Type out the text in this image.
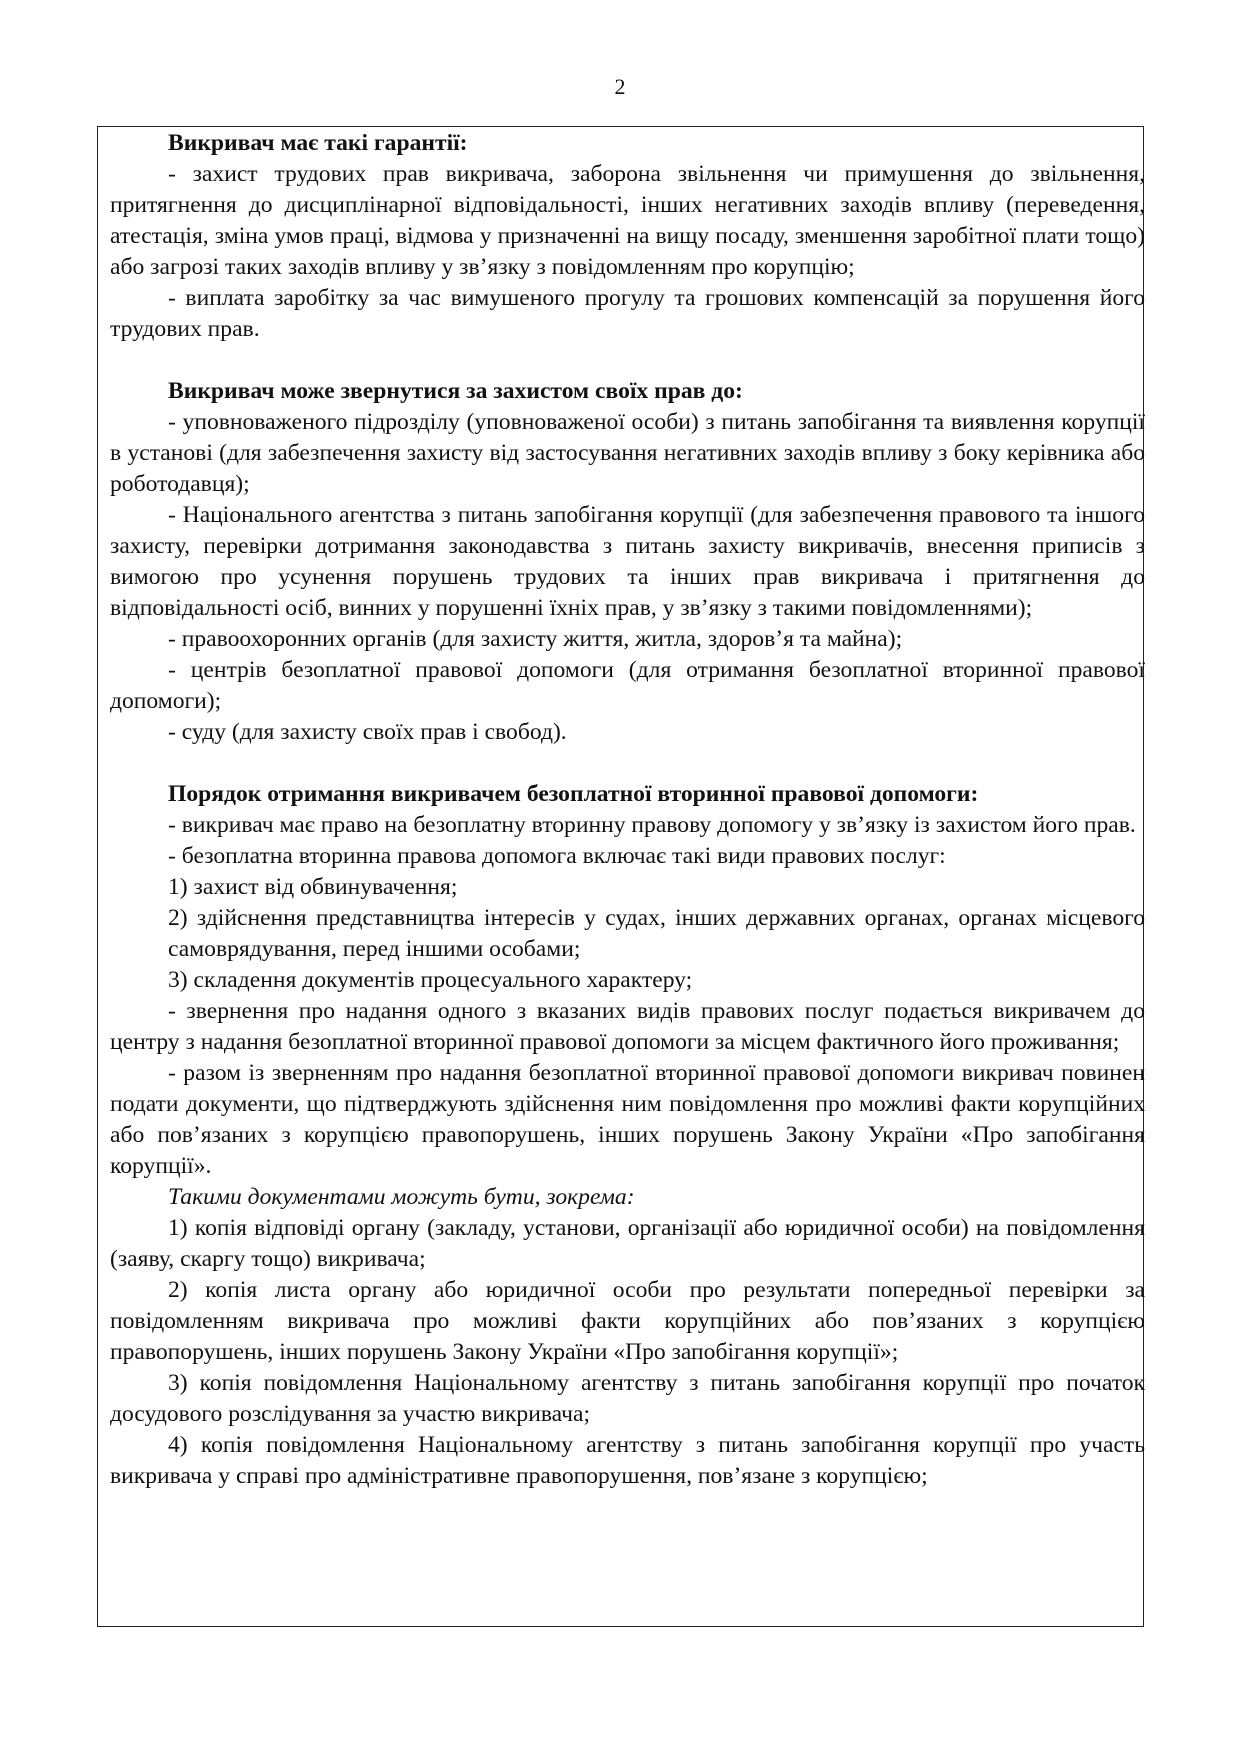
2

Викривач має такі гарантії:

- захист трудових прав викривача, заборона звільнення чи примушення до звільнення, притягнення до дисциплінарної відповідальності, інших негативних заходів впливу (переведення, атестація, зміна умов праці, відмова у призначенні на вищу посаду, зменшення заробітної плати тощо) або загрозі таких заходів впливу у зв’язку з повідомленням про корупцію;

- виплата заробітку за час вимушеного прогулу та грошових компенсацій за порушення його трудових прав.

Викривач може звернутися за захистом своїх прав до:

- уповноваженого підрозділу (уповноваженої особи) з питань запобігання та виявлення корупції в установі (для забезпечення захисту від застосування негативних заходів впливу з боку керівника або роботодавця);

- Національного агентства з питань запобігання корупції (для забезпечення правового та іншого захисту, перевірки дотримання законодавства з питань захисту викривачів, внесення приписів з вимогою про усунення порушень трудових та інших прав викривача і притягнення до відповідальності осіб, винних у порушенні їхніх прав, у зв’язку з такими повідомленнями);

- правоохоронних органів (для захисту життя, житла, здоров’я та майна);

- центрів безоплатної правової допомоги (для отримання безоплатної вторинної правової допомоги);

- суду (для захисту своїх прав і свобод).

Порядок отримання викривачем безоплатної вторинної правової допомоги:

- викривач має право на безоплатну вторинну правову допомогу у зв’язку із захистом його прав.

- безоплатна вторинна правова допомога включає такі види правових послуг:

1) захист від обвинувачення;

2) здійснення представництва інтересів у судах, інших державних органах, органах місцевого самоврядування, перед іншими особами;

3) складення документів процесуального характеру;

- звернення про надання одного з вказаних видів правових послуг подається викривачем до центру з надання безоплатної вторинної правової допомоги за місцем фактичного його проживання;

- разом із зверненням про надання безоплатної вторинної правової допомоги викривач повинен подати документи, що підтверджують здійснення ним повідомлення про можливі факти корупційних або пов’язаних з корупцією правопорушень, інших порушень Закону України «Про запобігання корупції».

Такими документами можуть бути, зокрема:

1) копія відповіді органу (закладу, установи, організації або юридичної особи) на повідомлення (заяву, скаргу тощо) викривача;

2) копія листа органу або юридичної особи про результати попередньої перевірки за повідомленням викривача про можливі факти корупційних або пов’язаних з корупцією правопорушень, інших порушень Закону України «Про запобігання корупції»;

3) копія повідомлення Національному агентству з питань запобігання корупції про початок досудового розслідування за участю викривача;

4) копія повідомлення Національному агентству з питань запобігання корупції про участь викривача у справі про адміністративне правопорушення, пов’язане з корупцією;
